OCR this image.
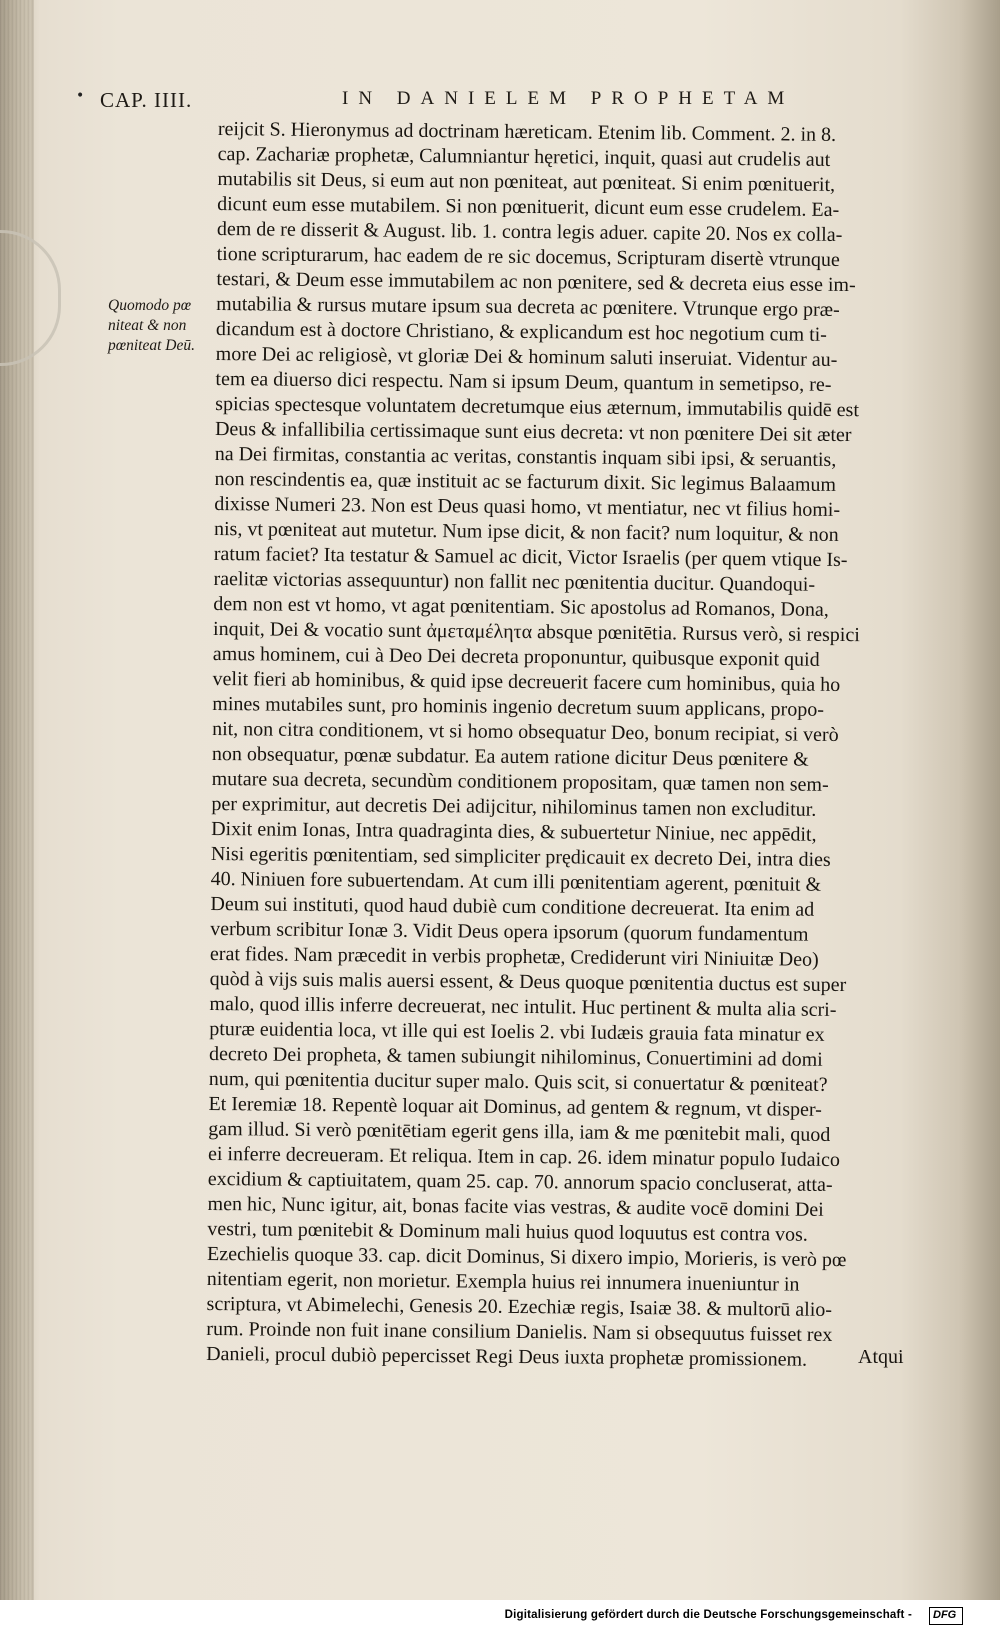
• CAP. IIII.	IN DANIELEM PROPHETAM
Quomodo pœ
niteat & non
pœniteat Deū.
reijcit S. Hieronymus ad doctrinam hæreticam. Etenim lib. Comment. 2. in 8.
cap. Zachariæ prophetæ, Calumniantur hęretici, inquit, quasi aut crudelis aut
mutabilis sit Deus, si eum aut non pœniteat, aut pœniteat. Si enim pœnituerit,
dicunt eum esse mutabilem. Si non pœnituerit, dicunt eum esse crudelem. Ea-
dem de re disserit & August. lib. 1. contra legis aduer. capite 20. Nos ex colla-
tione scripturarum, hac eadem de re sic docemus, Scripturam disertè vtrunque
testari, & Deum esse immutabilem ac non pœnitere, sed & decreta eius esse im-
mutabilia & rursus mutare ipsum sua decreta ac pœnitere. Vtrunque ergo præ-
dicandum est à doctore Christiano, & explicandum est hoc negotium cum ti-
more Dei ac religiosè, vt gloriæ Dei & hominum saluti inseruiat. Videntur au-
tem ea diuerso dici respectu. Nam si ipsum Deum, quantum in semetipso, re-
spicias spectesque voluntatem decretumque eius æternum, immutabilis quidē est
Deus & infallibilia certissimaque sunt eius decreta: vt non pœnitere Dei sit æter
na Dei firmitas, constantia ac veritas, constantis inquam sibi ipsi, & seruantis,
non rescindentis ea, quæ instituit ac se facturum dixit. Sic legimus Balaamum
dixisse Numeri 23. Non est Deus quasi homo, vt mentiatur, nec vt filius homi-
nis, vt pœniteat aut mutetur. Num ipse dicit, & non facit? num loquitur, & non
ratum faciet? Ita testatur & Samuel ac dicit, Victor Israelis (per quem vtique Is-
raelitæ victorias assequuntur) non fallit nec pœnitentia ducitur. Quandoqui-
dem non est vt homo, vt agat pœnitentiam. Sic apostolus ad Romanos, Dona,
inquit, Dei & vocatio sunt ἀμεταμέλητα absque pœnitētia. Rursus verò, si respici
amus hominem, cui à Deo Dei decreta proponuntur, quibusque exponit quid
velit fieri ab hominibus, & quid ipse decreuerit facere cum hominibus, quia ho
mines mutabiles sunt, pro hominis ingenio decretum suum applicans, propo-
nit, non citra conditionem, vt si homo obsequatur Deo, bonum recipiat, si verò
non obsequatur, pœnæ subdatur. Ea autem ratione dicitur Deus pœnitere &
mutare sua decreta, secundùm conditionem propositam, quæ tamen non sem-
per exprimitur, aut decretis Dei adijcitur, nihilominus tamen non excluditur.
Dixit enim Ionas, Intra quadraginta dies, & subuertetur Niniue, nec appēdit,
Nisi egeritis pœnitentiam, sed simpliciter prędicauit ex decreto Dei, intra dies
40. Niniuen fore subuertendam. At cum illi pœnitentiam agerent, pœnituit &
Deum sui instituti, quod haud dubiè cum conditione decreuerat. Ita enim ad
verbum scribitur Ionæ 3. Vidit Deus opera ipsorum (quorum fundamentum
erat fides. Nam præcedit in verbis prophetæ, Crediderunt viri Niniuitæ Deo)
quòd à vijs suis malis auersi essent, & Deus quoque pœnitentia ductus est super
malo, quod illis inferre decreuerat, nec intulit. Huc pertinent & multa alia scri-
pturæ euidentia loca, vt ille qui est Ioelis 2. vbi Iudæis grauia fata minatur ex
decreto Dei propheta, & tamen subiungit nihilominus, Conuertimini ad domi
num, qui pœnitentia ducitur super malo. Quis scit, si conuertatur & pœniteat?
Et Ieremiæ 18. Repentè loquar ait Dominus, ad gentem & regnum, vt disper-
gam illud. Si verò pœnitētiam egerit gens illa, iam & me pœnitebit mali, quod
ei inferre decreueram. Et reliqua. Item in cap. 26. idem minatur populo Iudaico
excidium & captiuitatem, quam 25. cap. 70. annorum spacio concluserat, atta-
men hic, Nunc igitur, ait, bonas facite vias vestras, & audite vocē domini Dei
vestri, tum pœnitebit & Dominum mali huius quod loquutus est contra vos.
Ezechielis quoque 33. cap. dicit Dominus, Si dixero impio, Morieris, is verò pœ
nitentiam egerit, non morietur. Exempla huius rei innumera inueniuntur in
scriptura, vt Abimelechi, Genesis 20. Ezechiæ regis, Isaiæ 38. & multorū alio-
rum. Proinde non fuit inane consilium Danielis. Nam si obsequutus fuisset rex
Danieli, procul dubiò pepercisset Regi Deus iuxta prophetæ promissionem.	Atqui
Digitalisierung gefördert durch die Deutsche Forschungsgemeinschaft - DFG
